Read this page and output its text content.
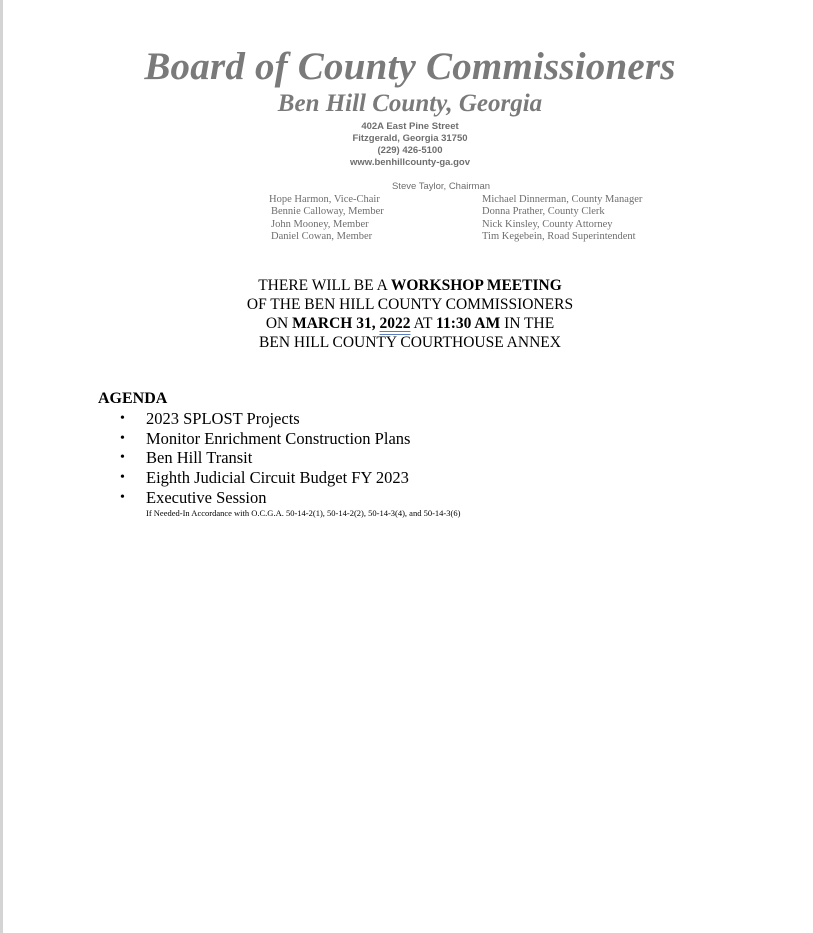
Board of County Commissioners
Ben Hill County, Georgia
402A East Pine Street
Fitzgerald, Georgia 31750
(229) 426-5100
www.benhillcounty-ga.gov
Steve Taylor, Chairman
Hope Harmon, Vice-Chair
Bennie Calloway, Member
John Mooney, Member
Daniel Cowan, Member
Michael Dinnerman, County Manager
Donna Prather, County Clerk
Nick Kinsley, County Attorney
Tim Kegebein, Road Superintendent
THERE WILL BE A WORKSHOP MEETING
OF THE BEN HILL COUNTY COMMISSIONERS
ON MARCH 31, 2022 AT 11:30 AM IN THE
BEN HILL COUNTY COURTHOUSE ANNEX
AGENDA
• 2023 SPLOST Projects
• Monitor Enrichment Construction Plans
• Ben Hill Transit
• Eighth Judicial Circuit Budget FY 2023
• Executive Session
If Needed-In Accordance with O.C.G.A. 50-14-2(1), 50-14-2(2), 50-14-3(4), and 50-14-3(6)
